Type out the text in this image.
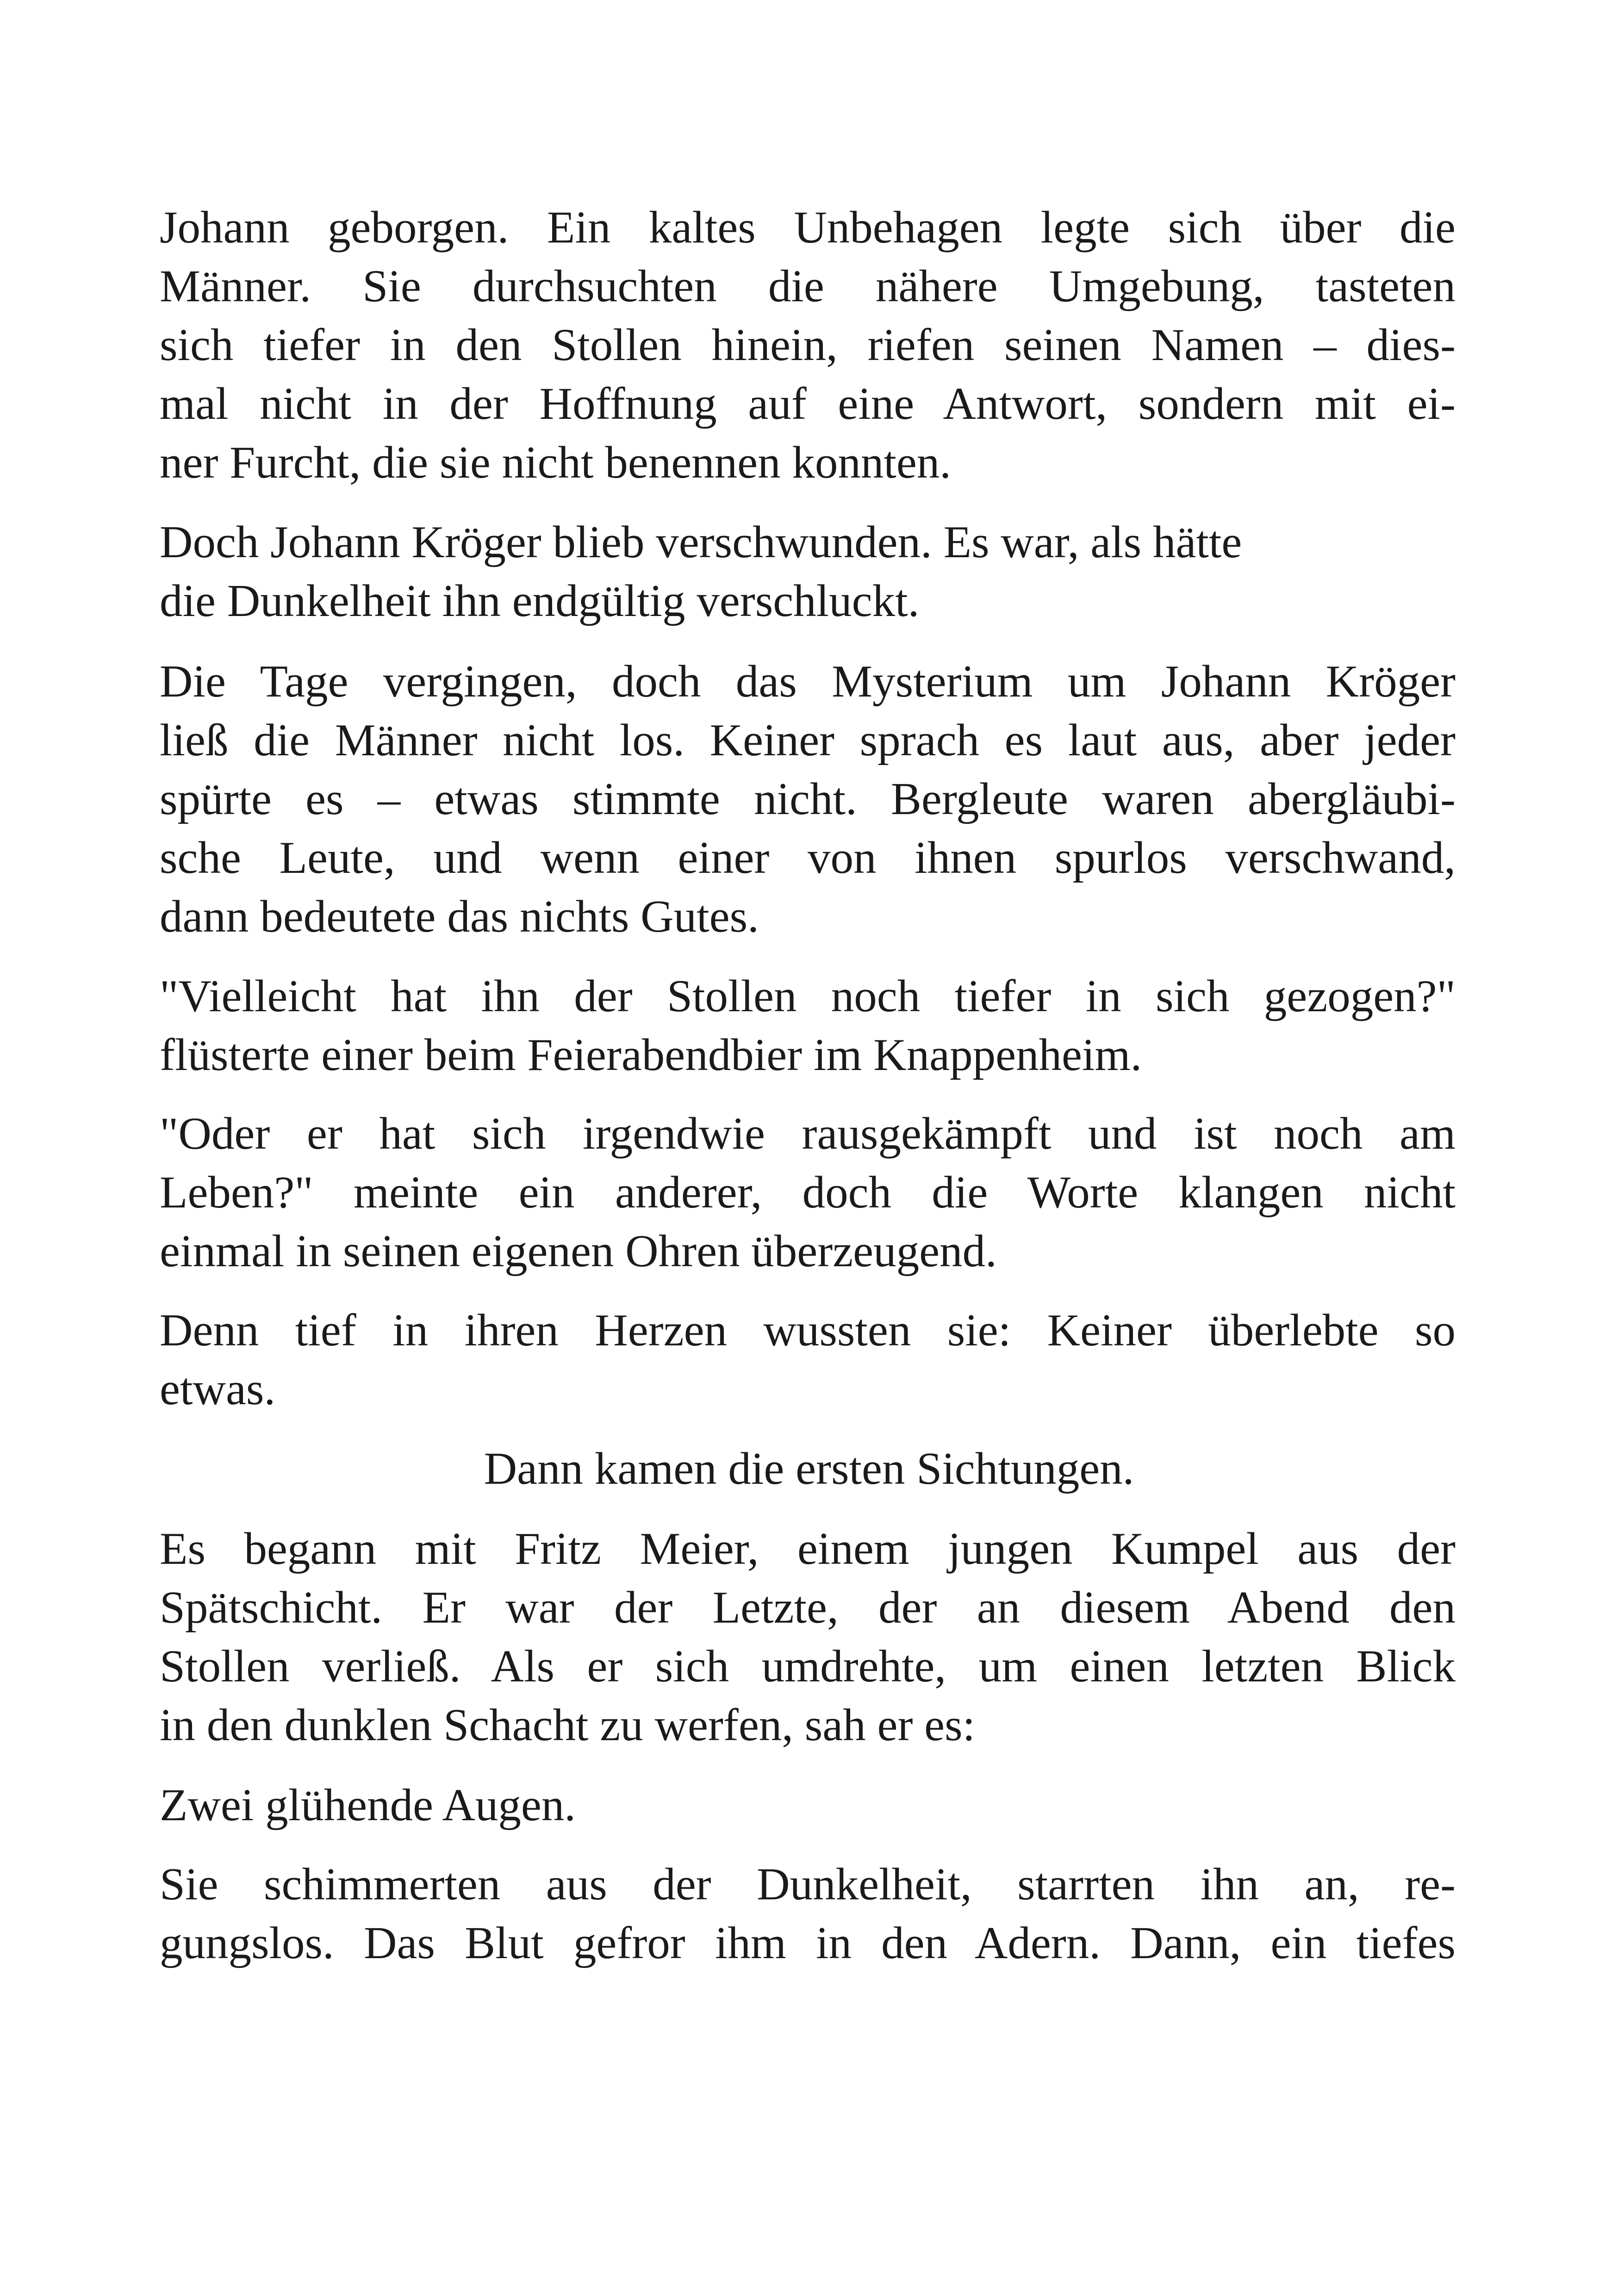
Johann geborgen. Ein kaltes Unbehagen legte sich über die
Männer. Sie durchsuchten die nähere Umgebung, tasteten
sich tiefer in den Stollen hinein, riefen seinen Namen – dies-
mal nicht in der Hoffnung auf eine Antwort, sondern mit ei-
ner Furcht, die sie nicht benennen konnten.
Doch Johann Kröger blieb verschwunden. Es war, als hätte
die Dunkelheit ihn endgültig verschluckt.
Die Tage vergingen, doch das Mysterium um Johann Kröger
ließ die Männer nicht los. Keiner sprach es laut aus, aber jeder
spürte es – etwas stimmte nicht. Bergleute waren abergläubi-
sche Leute, und wenn einer von ihnen spurlos verschwand,
dann bedeutete das nichts Gutes.
"Vielleicht hat ihn der Stollen noch tiefer in sich gezogen?"
flüsterte einer beim Feierabendbier im Knappenheim.
"Oder er hat sich irgendwie rausgekämpft und ist noch am
Leben?" meinte ein anderer, doch die Worte klangen nicht
einmal in seinen eigenen Ohren überzeugend.
Denn tief in ihren Herzen wussten sie: Keiner überlebte so
etwas.
Dann kamen die ersten Sichtungen.
Es begann mit Fritz Meier, einem jungen Kumpel aus der
Spätschicht. Er war der Letzte, der an diesem Abend den
Stollen verließ. Als er sich umdrehte, um einen letzten Blick
in den dunklen Schacht zu werfen, sah er es:
Zwei glühende Augen.
Sie schimmerten aus der Dunkelheit, starrten ihn an, re-
gungslos. Das Blut gefror ihm in den Adern. Dann, ein tiefes
